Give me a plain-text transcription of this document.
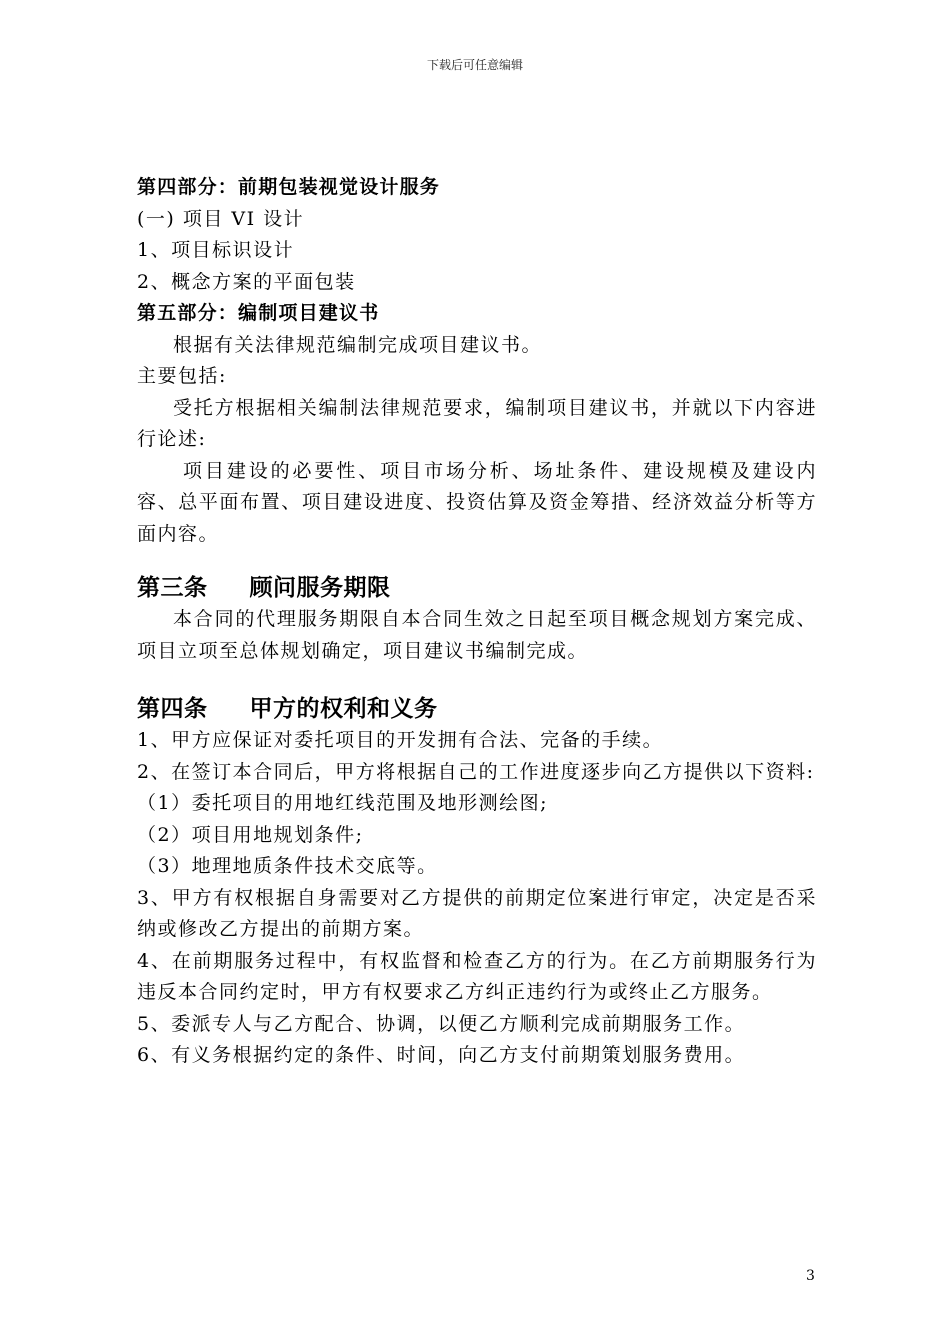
下载后可任意编辑

第四部分：前期包装视觉设计服务

(一) 项目 VI 设计

1、项目标识设计

2、概念方案的平面包装

第五部分：编制项目建议书

根据有关法律规范编制完成项目建议书。

主要包括:

受托方根据相关编制法律规范要求，编制项目建议书，并就以下内容进行论述:

项目建设的必要性、项目市场分析、场址条件、建设规模及建设内容、总平面布置、项目建设进度、投资估算及资金筹措、经济效益分析等方面内容。

第三条 顾问服务期限

本合同的代理服务期限自本合同生效之日起至项目概念规划方案完成、项目立项至总体规划确定，项目建议书编制完成。

第四条 甲方的权利和义务

1、甲方应保证对委托项目的开发拥有合法、完备的手续。

2、在签订本合同后，甲方将根据自己的工作进度逐步向乙方提供以下资料:

（1）委托项目的用地红线范围及地形测绘图;

（2）项目用地规划条件;

（3）地理地质条件技术交底等。

3、甲方有权根据自身需要对乙方提供的前期定位案进行审定，决定是否采纳或修改乙方提出的前期方案。

4、在前期服务过程中，有权监督和检查乙方的行为。在乙方前期服务行为违反本合同约定时，甲方有权要求乙方纠正违约行为或终止乙方服务。

5、委派专人与乙方配合、协调，以便乙方顺利完成前期服务工作。

6、有义务根据约定的条件、时间，向乙方支付前期策划服务费用。

3
